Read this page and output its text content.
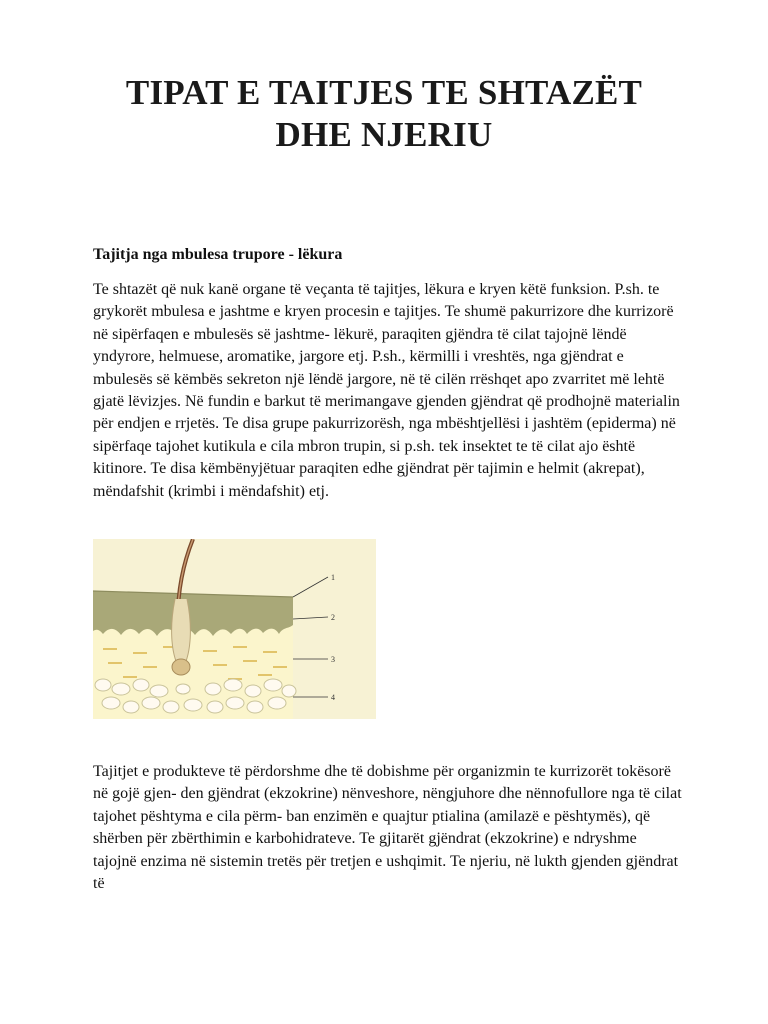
TIPAT E TAITJES TE SHTAZËT
DHE NJERIU
Tajitja nga mbulesa trupore - lëkura

Te shtazët që nuk kanë organe të veçanta të tajitjes, lëkura e kryen këtë funksion. P.sh. te grykorët mbulesa e jashtme e kryen procesin e tajitjes. Te shumë pakurrizore dhe kurrizorë në sipërfaqen e mbulesës së jashtme- lëkurë, paraqiten gjëndra të cilat tajojnë lëndë yndyrore, helmuese, aromatike, jargore etj. P.sh., kërmilli i vreshtës, nga gjëndrat e mbulesës së këmbës sekreton një lëndë jargore, në të cilën rrëshqet apo zvarritet më lehtë gjatë lëvizjes. Në fundin e barkut të merimangave gjenden gjëndrat që prodhojnë materialin për endjen e rrjetës. Te disa grupe pakurrizorësh, nga mbështjellësi i jashtëm (epiderma) në sipërfaqe tajohet kutikula e cila mbron trupin, si p.sh. tek insektet te të cilat ajo është kitinore. Te disa këmbënyjëtuar paraqiten edhe gjëndrat për tajimin e helmit (akrepat), mëndafshit (krimbi i mëndafshit) etj.

1
2
3
4

Tajitjet e produkteve të përdorshme dhe të dobishme për organizmin te kurrizorët tokësorë në gojë gjen- den gjëndrat (ekzokrine) nënveshore, nëngjuhore dhe nënnofullore nga të cilat tajohet pështyma e cila përm- ban enzimën e quajtur ptialina (amilazë e pështymës), që shërben për zbërthimin e karbohidrateve. Te gjitarët gjëndrat (ekzokrine) e ndryshme tajojnë enzima në sistemin tretës për tretjen e ushqimit. Te njeriu, në lukth gjenden gjëndrat të
